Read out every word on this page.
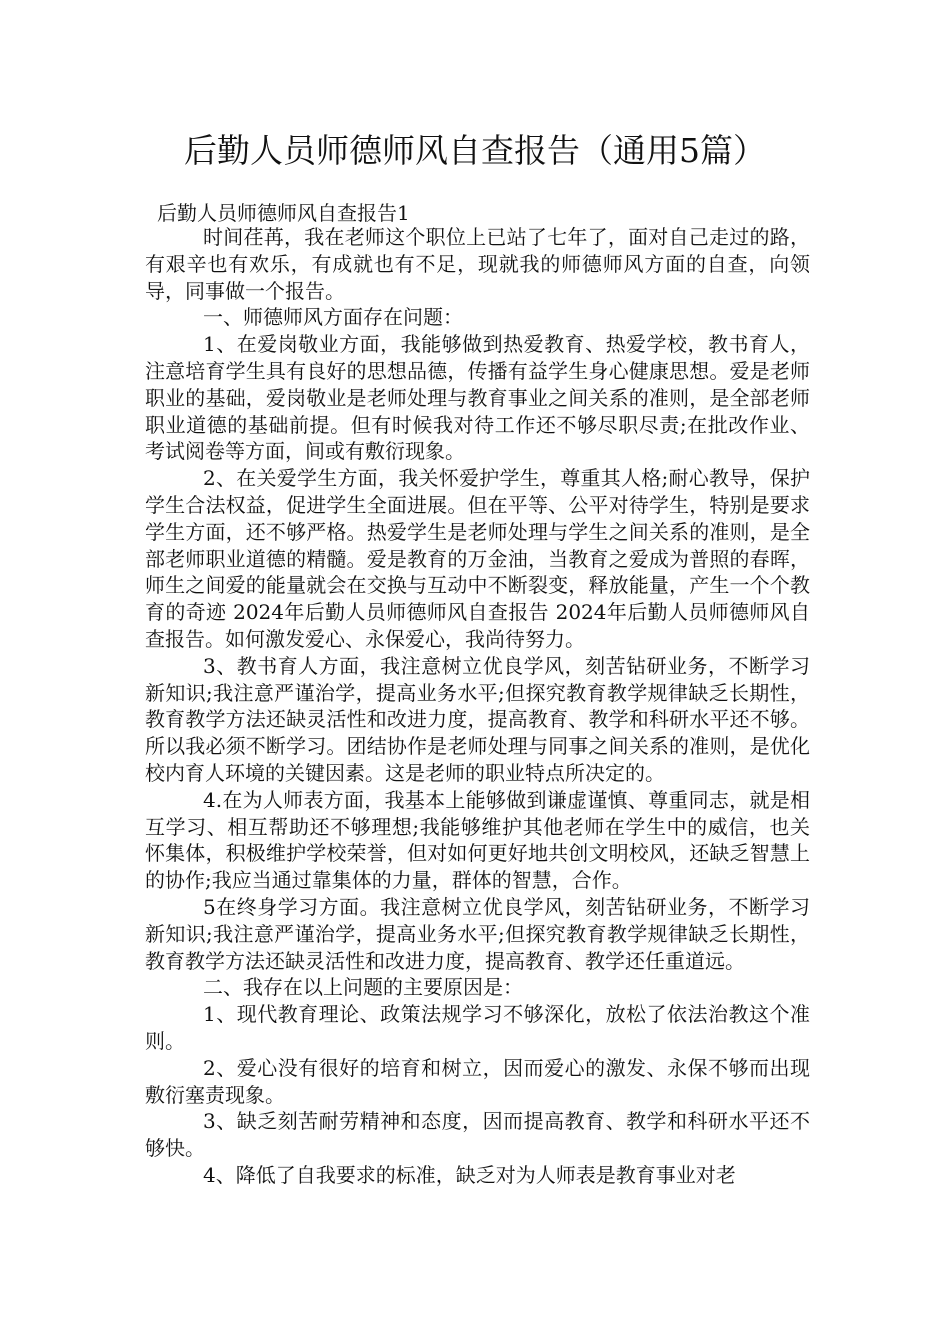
后勤人员师德师风自查报告（通用5篇）
后勤人员师德师风自查报告1

时间荏苒，我在老师这个职位上已站了七年了，面对自己走过的路，有艰辛也有欢乐，有成就也有不足，现就我的师德师风方面的自查，向领导，同事做一个报告。

一、师德师风方面存在问题：

1、在爱岗敬业方面，我能够做到热爱教育、热爱学校，教书育人，注意培育学生具有良好的思想品德，传播有益学生身心健康思想。爱是老师职业的基础，爱岗敬业是老师处理与教育事业之间关系的准则，是全部老师职业道德的基础前提。但有时候我对待工作还不够尽职尽责;在批改作业、考试阅卷等方面，间或有敷衍现象。

2、在关爱学生方面，我关怀爱护学生，尊重其人格;耐心教导，保护学生合法权益，促进学生全面进展。但在平等、公平对待学生，特别是要求学生方面，还不够严格。热爱学生是老师处理与学生之间关系的准则，是全部老师职业道德的精髓。爱是教育的万金油，当教育之爱成为普照的春晖，师生之间爱的能量就会在交换与互动中不断裂变，释放能量，产生一个个教育的奇迹 2024年后勤人员师德师风自查报告 2024年后勤人员师德师风自查报告。如何激发爱心、永保爱心，我尚待努力。

3、教书育人方面，我注意树立优良学风，刻苦钻研业务，不断学习新知识;我注意严谨治学，提高业务水平;但探究教育教学规律缺乏长期性，教育教学方法还缺灵活性和改进力度，提高教育、教学和科研水平还不够。所以我必须不断学习。团结协作是老师处理与同事之间关系的准则，是优化校内育人环境的关键因素。这是老师的职业特点所决定的。

4.在为人师表方面，我基本上能够做到谦虚谨慎、尊重同志，就是相互学习、相互帮助还不够理想;我能够维护其他老师在学生中的威信，也关怀集体，积极维护学校荣誉，但对如何更好地共创文明校风，还缺乏智慧上的协作;我应当通过靠集体的力量，群体的智慧，合作。

5在终身学习方面。我注意树立优良学风，刻苦钻研业务，不断学习新知识;我注意严谨治学，提高业务水平;但探究教育教学规律缺乏长期性，教育教学方法还缺灵活性和改进力度，提高教育、教学还任重道远。

二、我存在以上问题的主要原因是：

1、现代教育理论、政策法规学习不够深化，放松了依法治教这个准则。

2、爱心没有很好的培育和树立，因而爱心的激发、永保不够而出现敷衍塞责现象。

3、缺乏刻苦耐劳精神和态度，因而提高教育、教学和科研水平还不够快。

4、降低了自我要求的标准，缺乏对为人师表是教育事业对老
